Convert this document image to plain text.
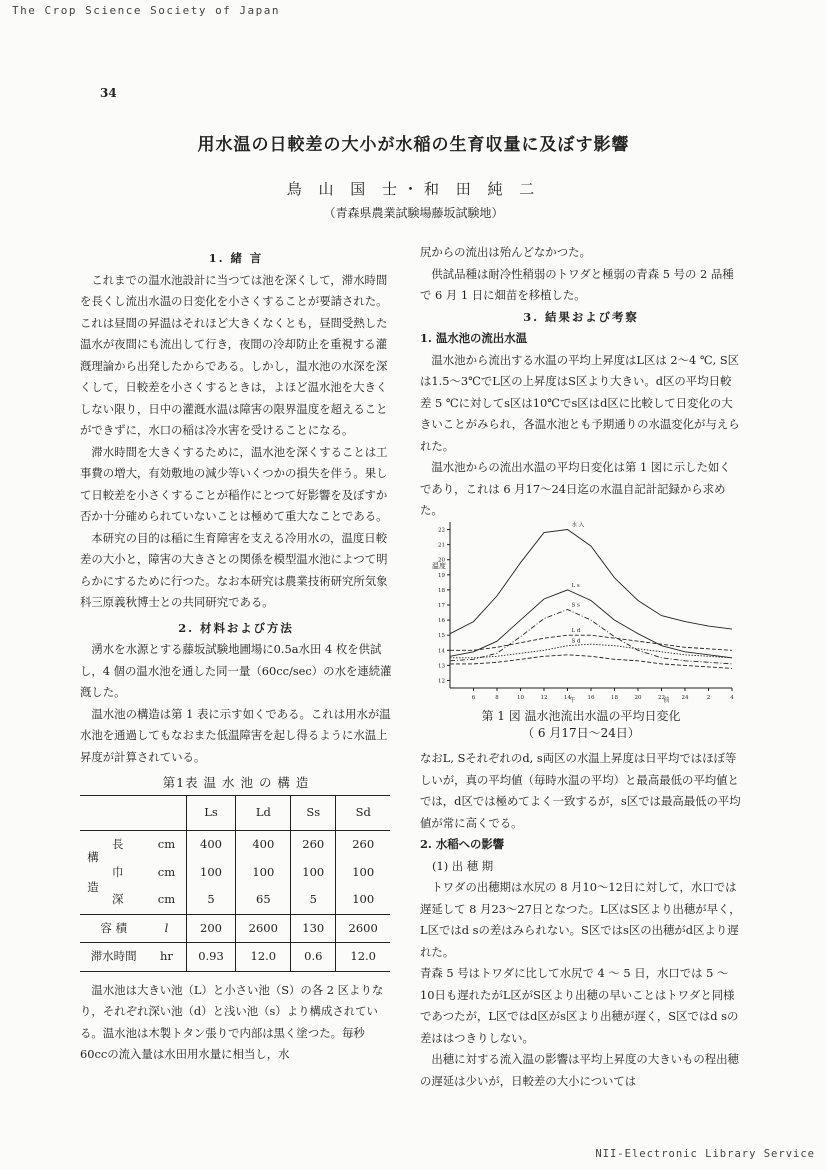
The Crop Science Society of Japan
34
用水温の日較差の大小が水稲の生育収量に及ぼす影響
鳥 山 国 士・和 田 純 二
（青森県農業試験場藤坂試験地）
1. 緒 言

これまでの温水池設計に当つては池を深くして，滞水時間を長くし流出水温の日変化を小さくすることが要請された。これは昼間の昇温はそれほど大きくなくとも，昼間受熱した温水が夜間にも流出して行き，夜間の冷却防止を重視する灌漑理論から出発したからである。しかし，温水池の水深を深くして，日較差を小さくするときは，よほど温水池を大きくしない限り，日中の灌漑水温は障害の限界温度を超えることができずに，水口の稲は冷水害を受けることになる。

滞水時間を大きくするために，温水池を深くすることは工事費の増大，有効敷地の減少等いくつかの損失を伴う。果して日較差を小さくすることが稲作にとつて好影響を及ぼすか否か十分確められていないことは極めて重大なことである。

本研究の目的は稲に生育障害を支える冷用水の，温度日較差の大小と，障害の大きさとの関係を模型温水池によつて明らかにするために行つた。なお本研究は農業技術研究所気象科三原義秋博士との共同研究である。

2. 材料および方法

湧水を水源とする藤坂試験地圃場に0.5a水田 4 枚を供試し，4 個の温水池を通した同一量（60cc/sec）の水を連続灌漑した。

温水池の構造は第 1 表に示す如くである。これは用水が温水池を通過してもなおまた低温障害を起し得るように水温上昇度が計算されている。

第1表 温 水 池 の 構 造
			Ls	Ld	Ss	Sd

構
造	長	cm	400	400	260	260
	巾	cm	100	100	100	100
	深	cm	5	65	5	100
容 積		l	200	2600	130	2600
滞水時間		hr	0.93	12.0	0.6	12.0

温水池は大きい池（L）と小さい池（S）の各 2 区よりなり，それぞれ深い池（d）と浅い池（s）より構成されている。温水池は木製トタン張りで内部は黒く塗つた。毎秒60ccの流入量は水田用水量に相当し，水

尻からの流出は殆んどなかつた。

供試品種は耐冷性稍弱のトワダと極弱の青森 5 号の 2 品種で 6 月 1 日に畑苗を移植した。

3. 結果および考察
1. 温水池の流出水温

温水池から流出する水温の平均上昇度はL区は 2～4 ℃, S区は1.5～3℃でL区の上昇度はS区より大きい。d区の平均日較差 5 ℃に対してs区は10℃でs区はd区に比較して日変化の大きいことがみられ，各温水池とも予期通りの水温変化が与えられた。

温水池からの流出水温の平均日変化は第 1 図に示した如くであり，これは 6 月17～24日迄の水温自記計記録から求めた。

22
21
20
19
18
17
16
15
14
13
12
温度
6	8	10	12	14	16	18	20	22	24	2	4
午	前
水 入
L s
S s
L d
S d
第 1 図 温水池流出水温の平均日変化
（ 6 月17日～24日）

なおL, Sそれぞれのd, s両区の水温上昇度は日平均ではほぼ等しいが，真の平均値（毎時水温の平均）と最高最低の平均値とでは，d区では極めてよく一致するが，s区では最高最低の平均値が常に高くでる。

2. 水稲への影響
(1) 出 穂 期

トワダの出穂期は水尻の 8 月10～12日に対して，水口では遅延して 8 月23～27日となつた。L区はS区より出穂が早く，L区ではd sの差はみられない。S区ではs区の出穂がd区より遅れた。

青森 5 号はトワダに比して水尻で 4 ～ 5 日，水口では 5 ～10日も遅れたがL区がS区より出穂の早いことはトワダと同様であつたが，L区ではd区がs区より出穂が遅く，S区ではd sの差ははつきりしない。

出穂に対する流入温の影響は平均上昇度の大きいもの程出穂の遅延は少いが，日較差の大小については

NII-Electronic Library Service
